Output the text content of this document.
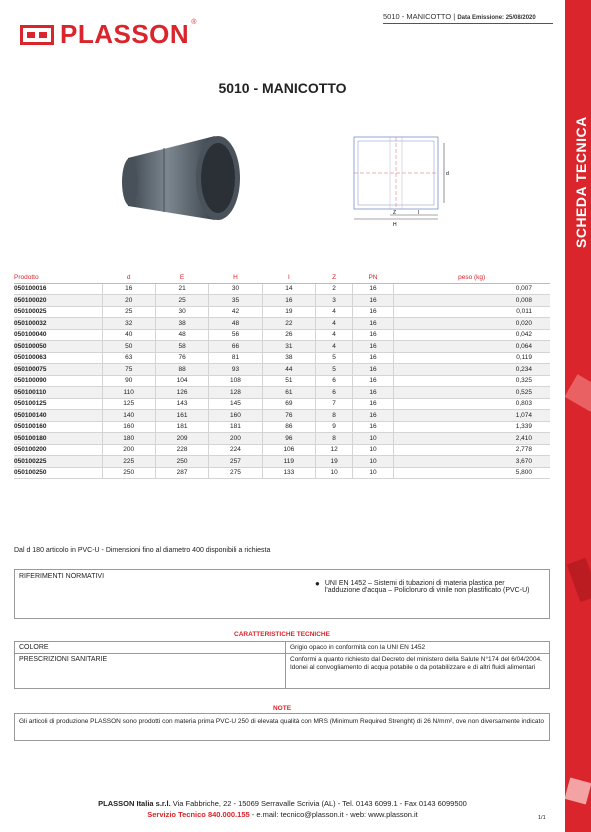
SCHEDA TECNICA
PLASSON ®
5010 - MANICOTTO | Data Emissione: 25/08/2020
5010 - MANICOTTO
d
Z	l
H
Prodotto	d	E	H	I	Z	PN	peso (kg)
050100016	16	21	30	14	2	16	0,007
050100020	20	25	35	16	3	16	0,008
050100025	25	30	42	19	4	16	0,011
050100032	32	38	48	22	4	16	0,020
050100040	40	48	56	26	4	16	0,042
050100050	50	58	66	31	4	16	0,064
050100063	63	76	81	38	5	16	0,119
050100075	75	88	93	44	5	16	0,234
050100090	90	104	108	51	6	16	0,325
050100110	110	126	128	61	6	16	0,525
050100125	125	143	145	69	7	16	0,803
050100140	140	161	160	76	8	16	1,074
050100160	160	181	181	86	9	16	1,339
050100180	180	209	200	96	8	10	2,410
050100200	200	228	224	106	12	10	2,778
050100225	225	250	257	119	19	10	3,670
050100250	250	287	275	133	10	10	5,800
Dal d 180 articolo in PVC-U - Dimensioni fino al diametro 400 disponibili a richiesta
RIFERIMENTI NORMATIVI
● UNI EN 1452 – Sistemi di tubazioni di materia plastica per l'adduzione d'acqua – Policloruro di vinile non plastificato (PVC-U)
CARATTERISTICHE TECNICHE
COLORE	Grigio opaco in conformità con la UNI EN 1452
PRESCRIZIONI SANITARIE	Conformi a quanto richiesto dal Decreto del ministero della Salute N°174 del 6/04/2004. Idonei al convogliamento di acqua potabile o da potabilizzare e di altri fluidi alimentari
NOTE
Gli articoli di produzione PLASSON sono prodotti con materia prima PVC-U 250 di elevata qualità con MRS (Minimum Required Strenght) di 26 N/mm², ove non diversamente indicato
PLASSON Italia s.r.l. Via Fabbriche, 22 - 15069 Serravalle Scrivia (AL) - Tel. 0143 6099.1 - Fax 0143 6099500
Servizio Tecnico 840.000.155 - e.mail: tecnico@plasson.it - web: www.plasson.it	1/1
